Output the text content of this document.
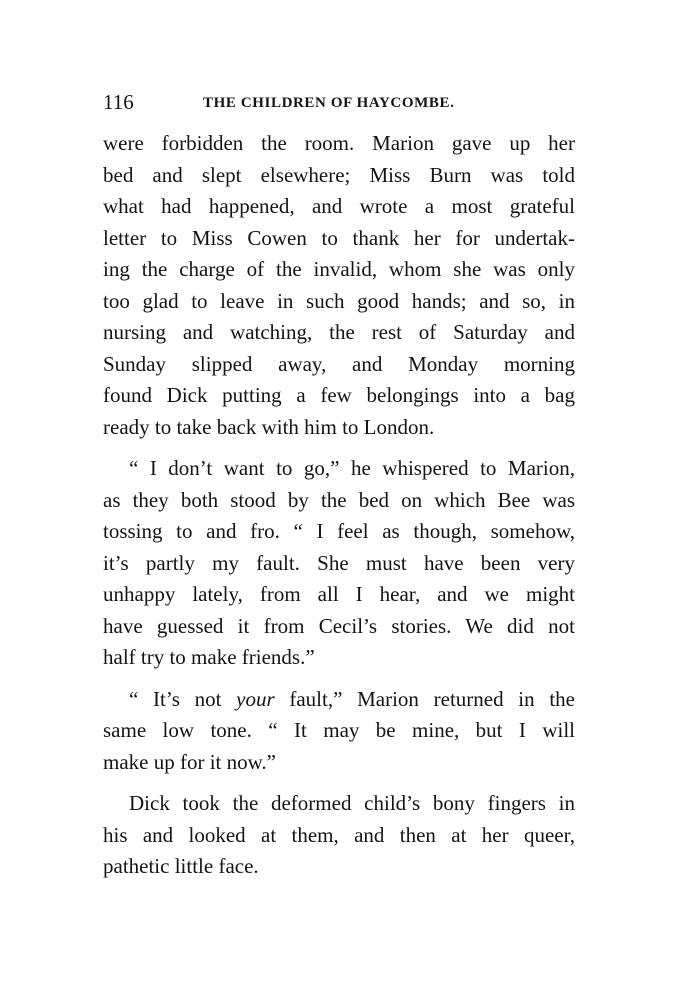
116	THE CHILDREN OF HAYCOMBE.
were forbidden the room. Marion gave up her
bed and slept elsewhere; Miss Burn was told
what had happened, and wrote a most grateful
letter to Miss Cowen to thank her for undertak-
ing the charge of the invalid, whom she was only
too glad to leave in such good hands; and so, in
nursing and watching, the rest of Saturday and
Sunday slipped away, and Monday morning
found Dick putting a few belongings into a bag
ready to take back with him to London.
“ I don’t want to go,” he whispered to Marion,
as they both stood by the bed on which Bee was
tossing to and fro. “ I feel as though, somehow,
it’s partly my fault. She must have been very
unhappy lately, from all I hear, and we might
have guessed it from Cecil’s stories. We did not
half try to make friends.”
“ It’s not your fault,” Marion returned in the
same low tone. “ It may be mine, but I will
make up for it now.”
Dick took the deformed child’s bony fingers in
his and looked at them, and then at her queer,
pathetic little face.
